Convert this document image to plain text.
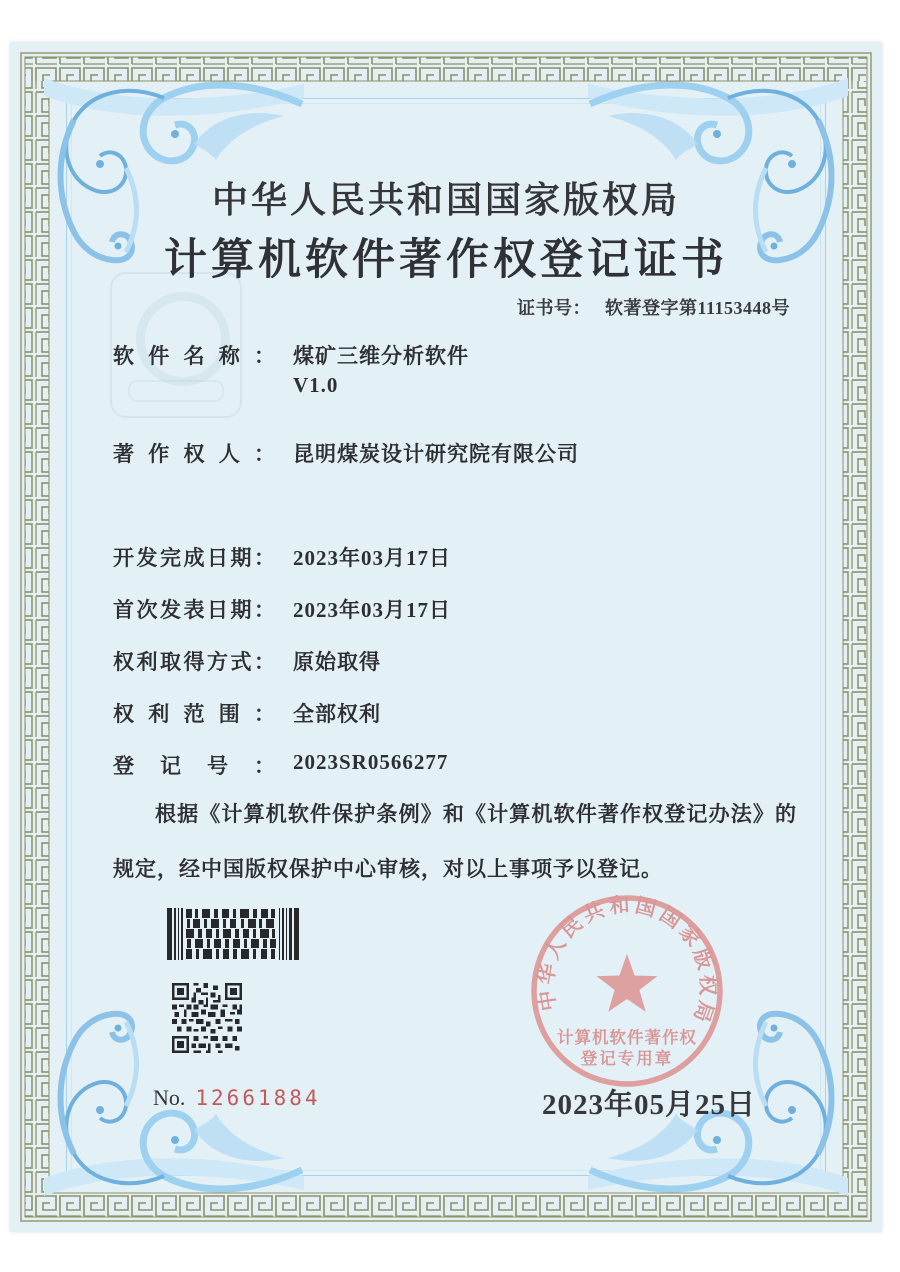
中华人民共和国国家版权局
计算机软件著作权登记证书
证书号： 软著登字第11153448号
软件名称： 煤矿三维分析软件
V1.0
著作权人： 昆明煤炭设计研究院有限公司
开发完成日期： 2023年03月17日
首次发表日期： 2023年03月17日
权利取得方式： 原始取得
权利范围： 全部权利
登记号： 2023SR0566277
根据《计算机软件保护条例》和《计算机软件著作权登记办法》的规定，经中国版权保护中心审核，对以上事项予以登记。
No. 12661884
中华人民共和国国家版权局
计算机软件著作权
登记专用章
2023年05月25日
